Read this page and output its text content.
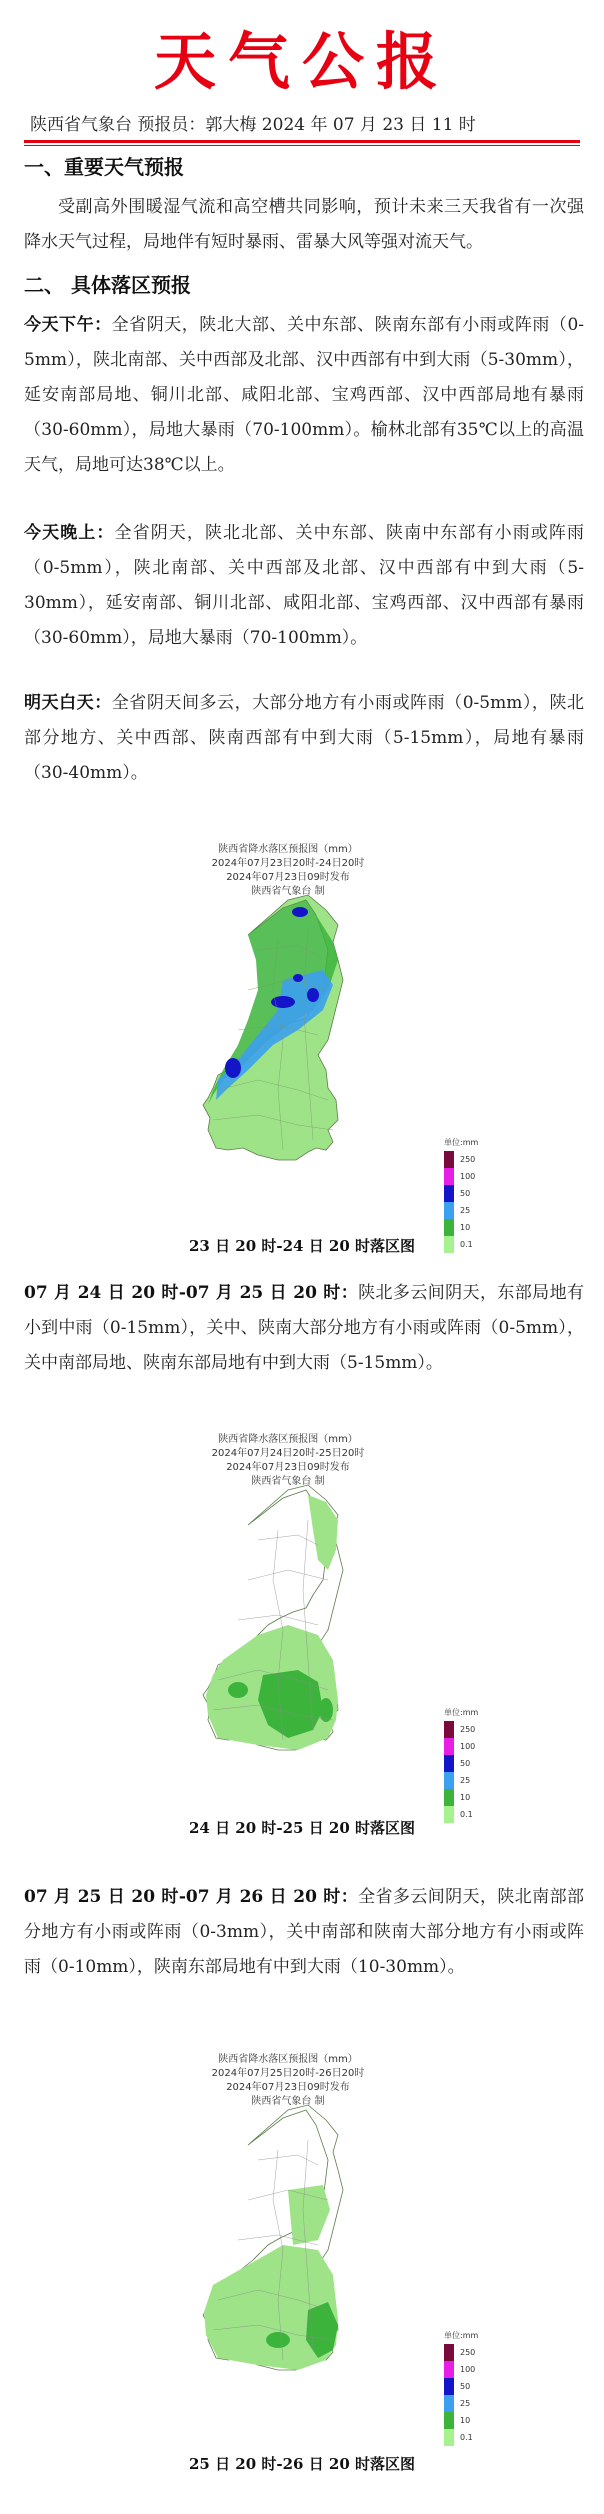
天气公报
陕西省气象台 预报员：郭大梅 2024 年 07 月 23 日 11 时
一、重要天气预报
受副高外围暖湿气流和高空槽共同影响，预计未来三天我省有一次强降水天气过程，局地伴有短时暴雨、雷暴大风等强对流天气。
二、 具体落区预报
今天下午：全省阴天，陕北大部、关中东部、陕南东部有小雨或阵雨（0-5mm），陕北南部、关中西部及北部、汉中西部有中到大雨（5-30mm），延安南部局地、铜川北部、咸阳北部、宝鸡西部、汉中西部局地有暴雨（30-60mm），局地大暴雨（70-100mm）。榆林北部有35℃以上的高温天气，局地可达38℃以上。
今天晚上：全省阴天，陕北北部、关中东部、陕南中东部有小雨或阵雨（0-5mm），陕北南部、关中西部及北部、汉中西部有中到大雨（5-30mm），延安南部、铜川北部、咸阳北部、宝鸡西部、汉中西部有暴雨（30-60mm），局地大暴雨（70-100mm）。
明天白天：全省阴天间多云，大部分地方有小雨或阵雨（0-5mm），陕北部分地方、关中西部、陕南西部有中到大雨（5-15mm），局地有暴雨（30-40mm）。
陕西省降水落区预报图（mm）
2024年07月23日20时-24日20时
2024年07月23日09时发布
陕西省气象台 制
单位:mm
250
100
50
25
10
0.1
23 日 20 时-24 日 20 时落区图
07 月 24 日 20 时-07 月 25 日 20 时：陕北多云间阴天，东部局地有小到中雨（0-15mm），关中、陕南大部分地方有小雨或阵雨（0-5mm），关中南部局地、陕南东部局地有中到大雨（5-15mm）。
陕西省降水落区预报图（mm）
2024年07月24日20时-25日20时
2024年07月23日09时发布
陕西省气象台 制
单位:mm
250
100
50
25
10
0.1
24 日 20 时-25 日 20 时落区图
07 月 25 日 20 时-07 月 26 日 20 时：全省多云间阴天，陕北南部部分地方有小雨或阵雨（0-3mm），关中南部和陕南大部分地方有小雨或阵雨（0-10mm），陕南东部局地有中到大雨（10-30mm）。
陕西省降水落区预报图（mm）
2024年07月25日20时-26日20时
2024年07月23日09时发布
陕西省气象台 制
单位:mm
250
100
50
25
10
0.1
25 日 20 时-26 日 20 时落区图
